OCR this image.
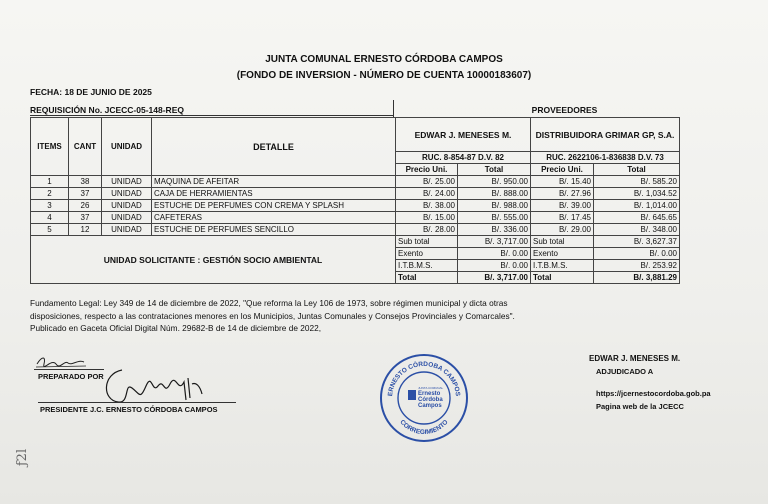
JUNTA COMUNAL ERNESTO CÓRDOBA CAMPOS
(FONDO DE INVERSION - NÚMERO DE CUENTA 10000183607)
FECHA: 18 DE JUNIO DE 2025
REQUISICIÓN No. JCECC-05-148-REQ	PROVEEDORES
ITEMS	CANT	UNIDAD	DETALLE	EDWAR J. MENESES M.		DISTRIBUIDORA GRIMAR GP, S.A.	
				RUC. 8-854-87 D.V. 82		RUC. 2622106-1-836838 D.V. 73	
				Precio Uni.	Total	Precio Uni.	Total
1	38	UNIDAD	MAQUINA DE AFEITAR	B/. 25.00	B/. 950.00	B/. 15.40	B/. 585.20
2	37	UNIDAD	CAJA DE HERRAMIENTAS	B/. 24.00	B/. 888.00	B/. 27.96	B/. 1,034.52
3	26	UNIDAD	ESTUCHE DE PERFUMES CON CREMA Y SPLASH	B/. 38.00	B/. 988.00	B/. 39.00	B/. 1,014.00
4	37	UNIDAD	CAFETERAS	B/. 15.00	B/. 555.00	B/. 17.45	B/. 645.65
5	12	UNIDAD	ESTUCHE DE PERFUMES SENCILLO	B/. 28.00	B/. 336.00	B/. 29.00	B/. 348.00
UNIDAD SOLICITANTE : GESTIÓN SOCIO AMBIENTAL				Sub total	B/. 3,717.00	Sub total	B/. 3,627.37
				Exento	B/. 0.00	Exento	B/. 0.00
				I.T.B.M.S.	B/. 0.00	I.T.B.M.S.	B/. 253.92
				Total	B/. 3,717.00	Total	B/. 3,881.29
Fundamento Legal: Ley 349 de 14 de diciembre de 2022, "Que reforma la Ley 106 de 1973, sobre régimen municipal y dicta otras
disposiciones, respecto a las contrataciones menores en los Municipios, Juntas Comunales y Consejos Provinciales y Comarcales".
Publicado en Gaceta Oficial Digital Núm. 29682-B de 14 de diciembre de 2022,
PREPARADO POR
PRESIDENTE J.C. ERNESTO CÓRDOBA CAMPOS
ERNESTO CÓRDOBA CAMPOS
CORREGIMIENTO
JUNTA COMUNAL
Ernesto
Córdoba
Campos
EDWAR J. MENESES M.
ADJUDICADO A
https://jcernestocordoba.gob.pa
Pagina web de la JCECC
ƒ2l
